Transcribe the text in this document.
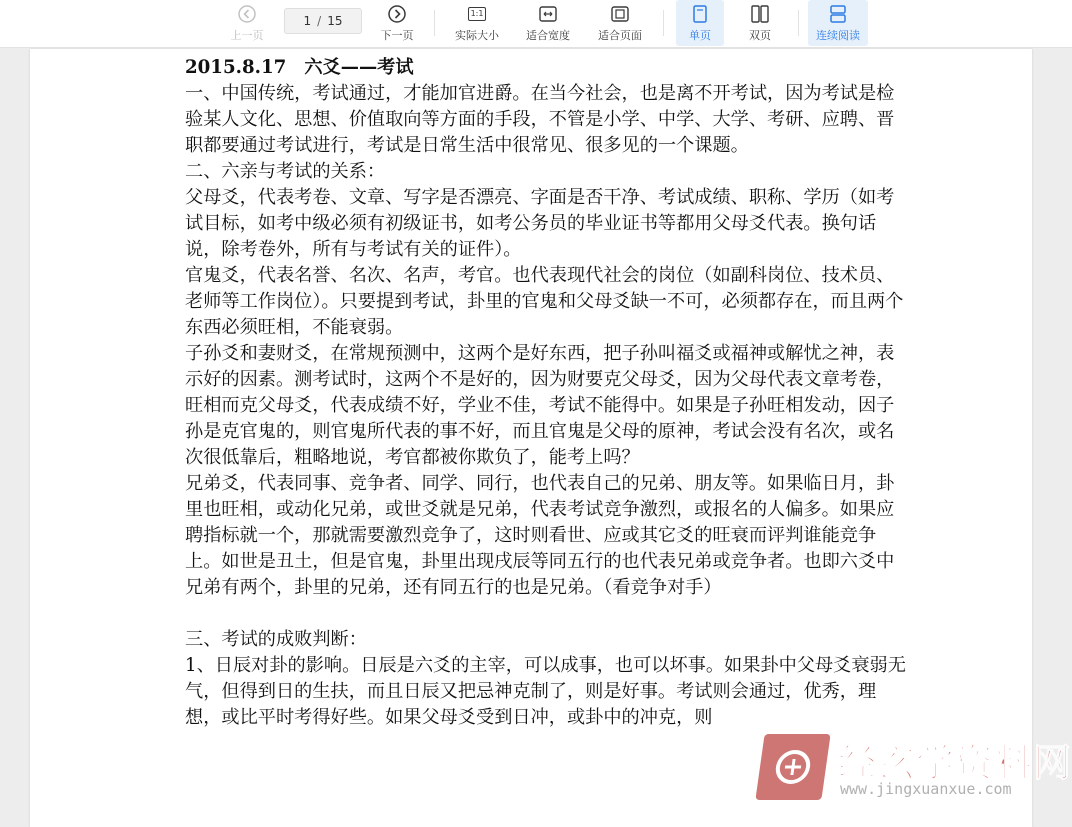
上一页
1 / 15
下一页
1:1
实际大小 适合宽度	适合页面	单页	双页	连续阅读

2015.8.17　六爻——考试

一、中国传统，考试通过，才能加官进爵。在当今社会，也是离不开考试，因为考试是检验某人文化、思想、价值取向等方面的手段，不管是小学、中学、大学、考研、应聘、晋职都要通过考试进行，考试是日常生活中很常见、很多见的一个课题。

二、六亲与考试的关系：

父母爻，代表考卷、文章、写字是否漂亮、字面是否干净、考试成绩、职称、学历（如考试目标，如考中级必须有初级证书，如考公务员的毕业证书等都用父母爻代表。换句话说，除考卷外，所有与考试有关的证件）。

官鬼爻，代表名誉、名次、名声，考官。也代表现代社会的岗位（如副科岗位、技术员、老师等工作岗位）。只要提到考试，卦里的官鬼和父母爻缺一不可，必须都存在，而且两个东西必须旺相，不能衰弱。

子孙爻和妻财爻，在常规预测中，这两个是好东西，把子孙叫福爻或福神或解忧之神，表示好的因素。测考试时，这两个不是好的，因为财要克父母爻，因为父母代表文章考卷，旺相而克父母爻，代表成绩不好，学业不佳，考试不能得中。如果是子孙旺相发动，因子孙是克官鬼的，则官鬼所代表的事不好，而且官鬼是父母的原神，考试会没有名次，或名次很低靠后，粗略地说，考官都被你欺负了，能考上吗？

兄弟爻，代表同事、竞争者、同学、同行，也代表自己的兄弟、朋友等。如果临日月，卦里也旺相，或动化兄弟，或世爻就是兄弟，代表考试竞争激烈，或报名的人偏多。如果应聘指标就一个，那就需要激烈竞争了，这时则看世、应或其它爻的旺衰而评判谁能竞争上。如世是丑土，但是官鬼，卦里出现戌辰等同五行的也代表兄弟或竞争者。也即六爻中兄弟有两个，卦里的兄弟，还有同五行的也是兄弟。（看竞争对手）

三、考试的成败判断：

1、日辰对卦的影响。日辰是六爻的主宰，可以成事，也可以坏事。如果卦中父母爻衰弱无气，但得到日的生扶，而且日辰又把忌神克制了，则是好事。考试则会通过，优秀，理想，或比平时考得好些。如果父母爻受到日冲，或卦中的冲克，则

经玄学资料网
www.jingxuanxue.com
